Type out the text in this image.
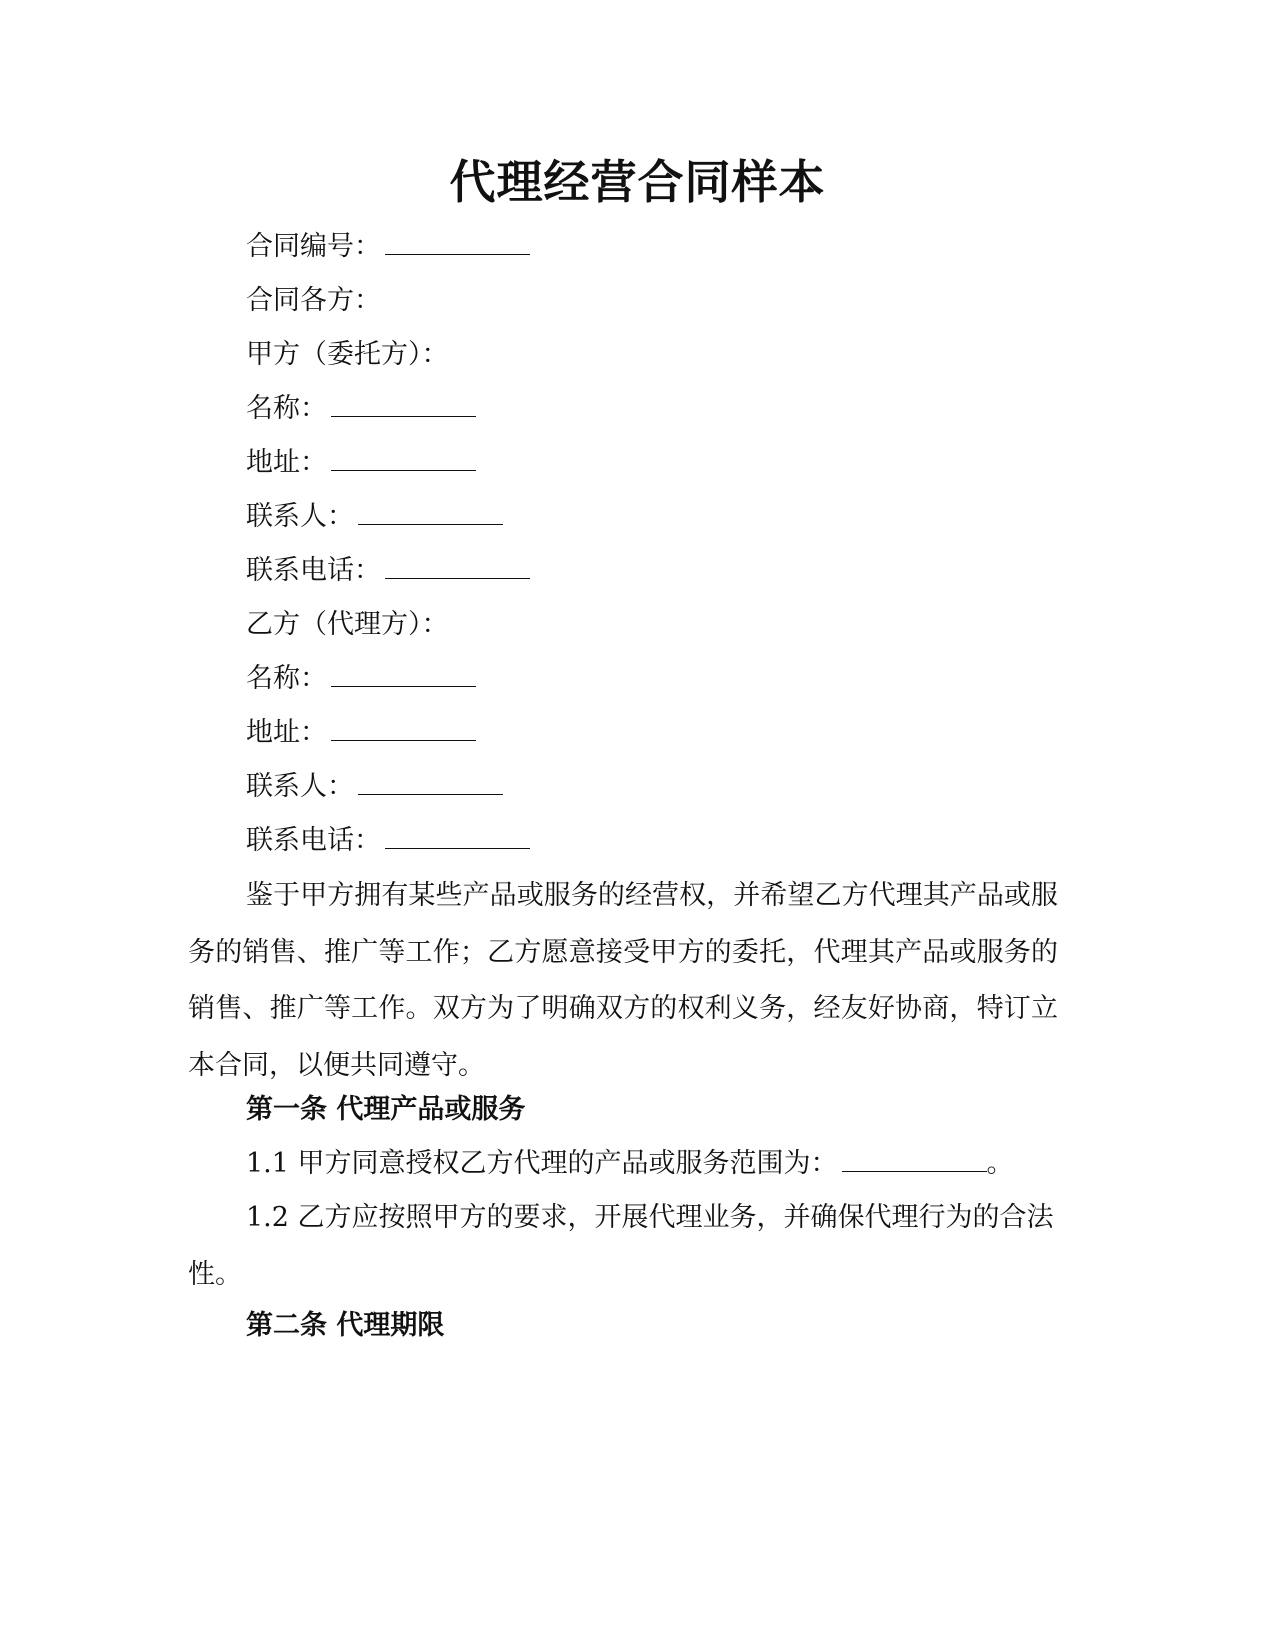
代理经营合同样本
合同编号：
合同各方：
甲方（委托方）：
名称：
地址：
联系人：
联系电话：
乙方（代理方）：
名称：
地址：
联系人：
联系电话：
鉴于甲方拥有某些产品或服务的经营权，并希望乙方代理其产品或服务的销售、推广等工作；乙方愿意接受甲方的委托，代理其产品或服务的销售、推广等工作。双方为了明确双方的权利义务，经友好协商，特订立本合同，以便共同遵守。
第一条 代理产品或服务
1.1 甲方同意授权乙方代理的产品或服务范围为：	。
1.2 乙方应按照甲方的要求，开展代理业务，并确保代理行为的合法性。
第二条 代理期限
